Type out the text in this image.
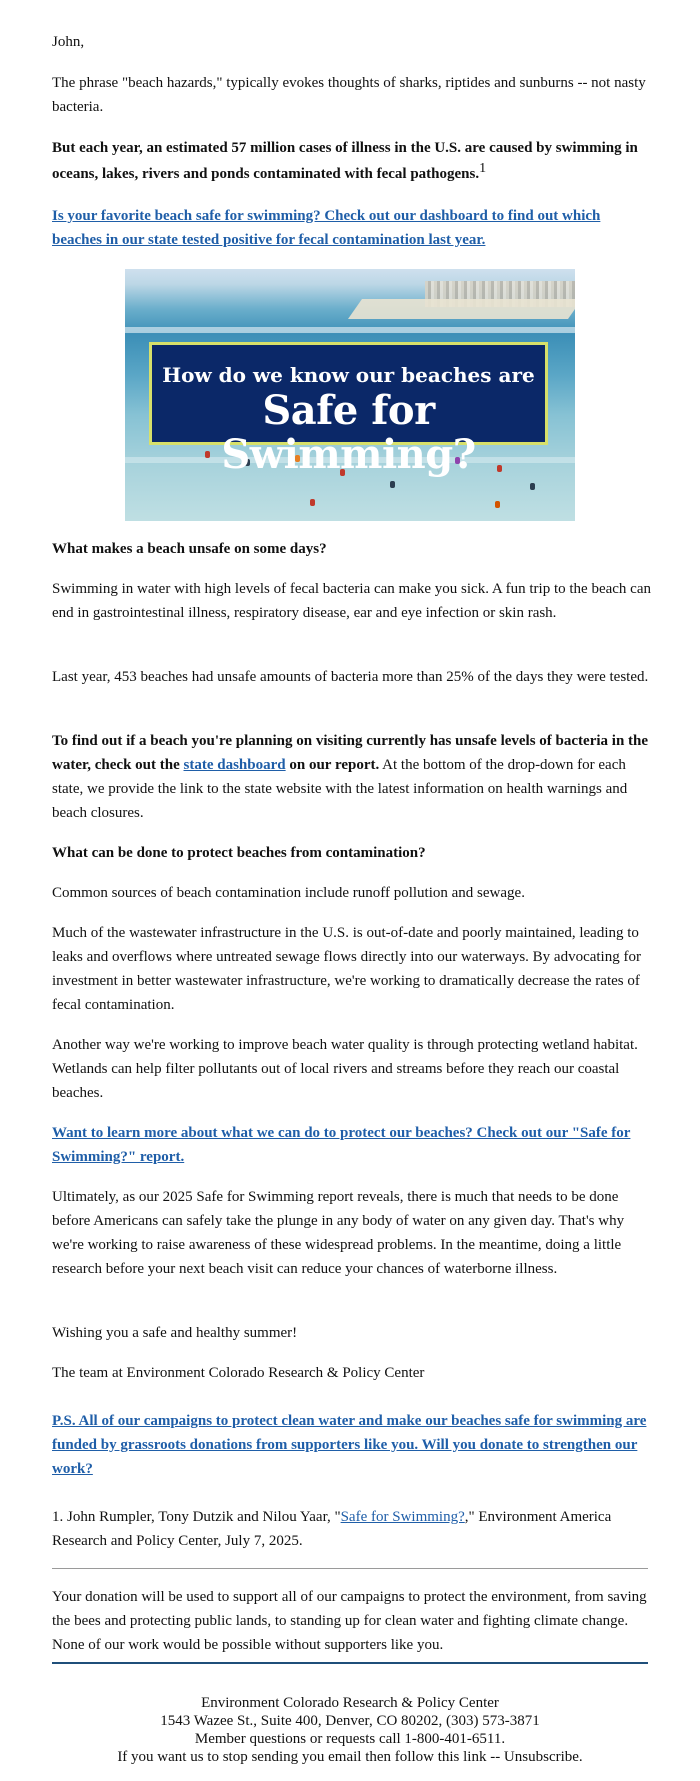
John,

The phrase "beach hazards," typically evokes thoughts of sharks, riptides and sunburns -- not nasty bacteria.

But each year, an estimated 57 million cases of illness in the U.S. are caused by swimming in oceans, lakes, rivers and ponds contaminated with fecal pathogens.$^1$

Is your favorite beach safe for swimming? Check out our dashboard to find out which beaches in our state tested positive for fecal contamination last year.

How do we know our beaches are
Safe for Swimming?

What makes a beach unsafe on some days?

Swimming in water with high levels of fecal bacteria can make you sick. A fun trip to the beach can end in gastrointestinal illness, respiratory disease, ear and eye infection or skin rash.

Last year, 453 beaches had unsafe amounts of bacteria more than 25% of the days they were tested.

To find out if a beach you're planning on visiting currently has unsafe levels of bacteria in the water, check out the state dashboard on our report. At the bottom of the drop-down for each state, we provide the link to the state website with the latest information on health warnings and beach closures.

What can be done to protect beaches from contamination?

Common sources of beach contamination include runoff pollution and sewage.

Much of the wastewater infrastructure in the U.S. is out-of-date and poorly maintained, leading to leaks and overflows where untreated sewage flows directly into our waterways. By advocating for investment in better wastewater infrastructure, we're working to dramatically decrease the rates of fecal contamination.

Another way we're working to improve beach water quality is through protecting wetland habitat. Wetlands can help filter pollutants out of local rivers and streams before they reach our coastal beaches.

Want to learn more about what we can do to protect our beaches? Check out our "Safe for Swimming?" report.

Ultimately, as our 2025 Safe for Swimming report reveals, there is much that needs to be done before Americans can safely take the plunge in any body of water on any given day. That's why we're working to raise awareness of these widespread problems. In the meantime, doing a little research before your next beach visit can reduce your chances of waterborne illness.

Wishing you a safe and healthy summer!

The team at Environment Colorado Research & Policy Center

P.S. All of our campaigns to protect clean water and make our beaches safe for swimming are funded by grassroots donations from supporters like you. Will you donate to strengthen our work?

1. John Rumpler, Tony Dutzik and Nilou Yaar, "Safe for Swimming?," Environment America Research and Policy Center, July 7, 2025.

Your donation will be used to support all of our campaigns to protect the environment, from saving the bees and protecting public lands, to standing up for clean water and fighting climate change. None of our work would be possible without supporters like you.

Environment Colorado Research & Policy Center
1543 Wazee St., Suite 400, Denver, CO 80202, (303) 573-3871
Member questions or requests call 1-800-401-6511.
If you want us to stop sending you email then follow this link -- Unsubscribe.
